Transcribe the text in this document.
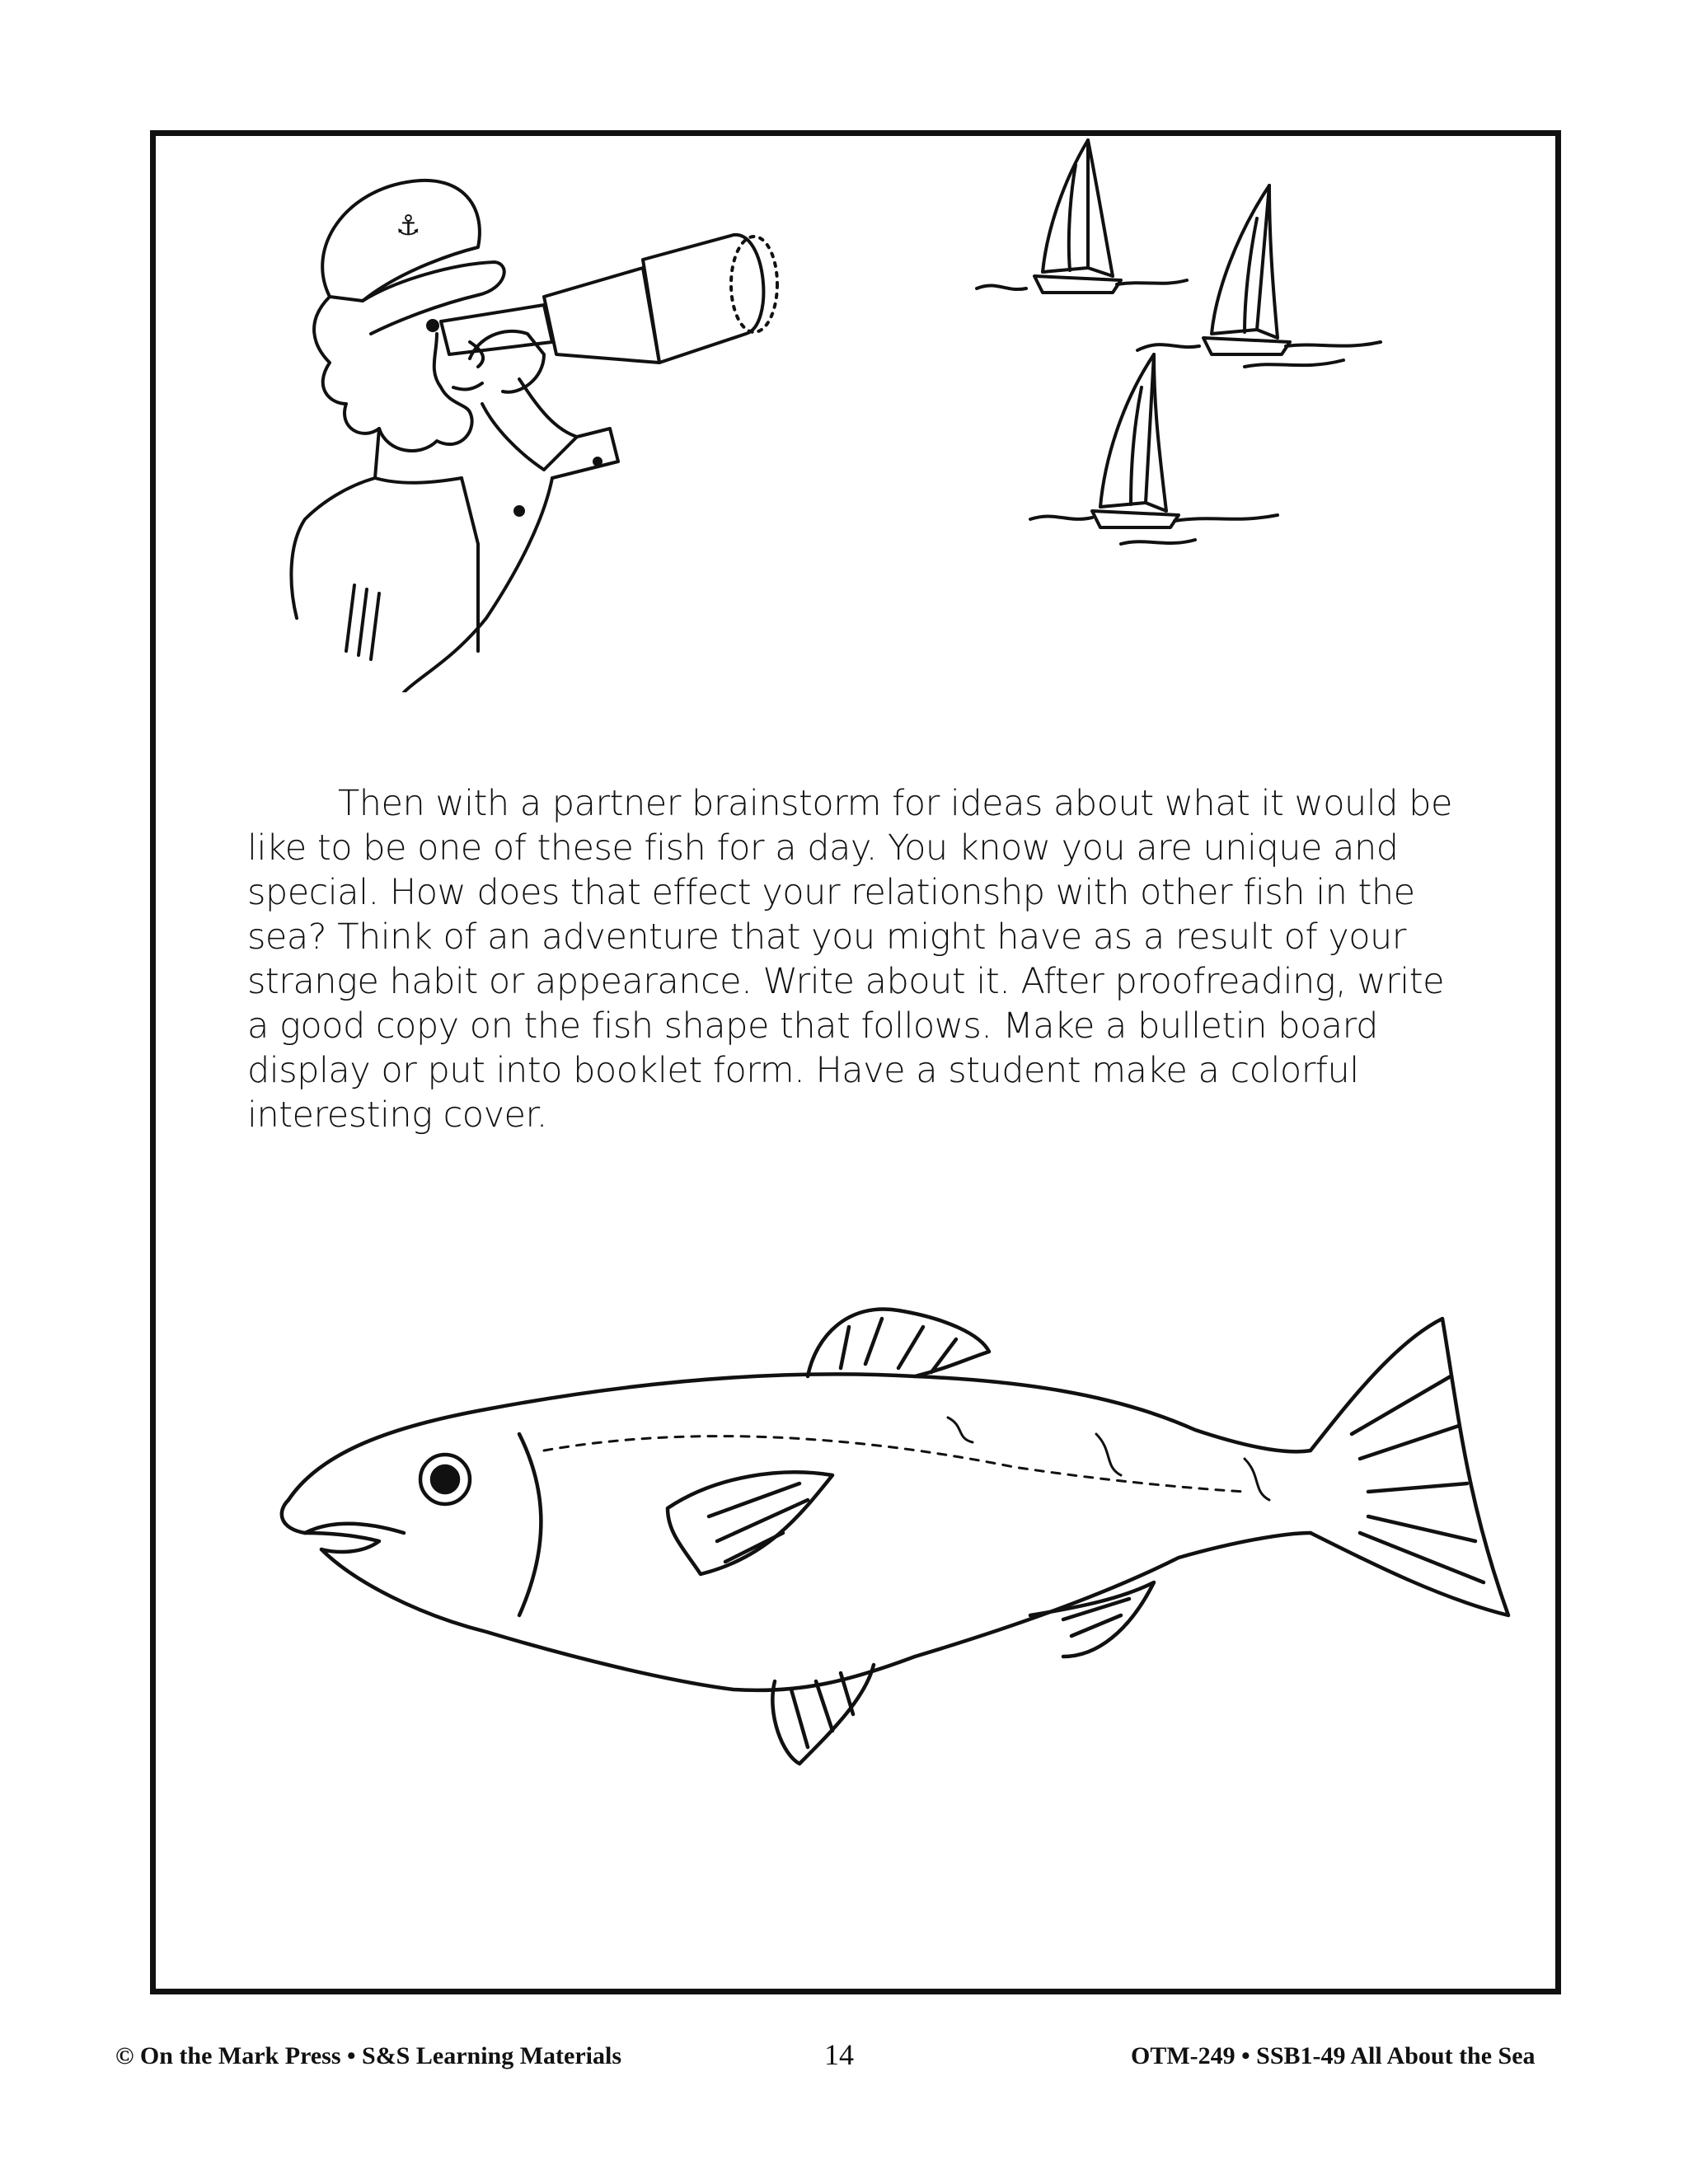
⚓
Then with a partner brainstorm for ideas about what it would be like to be one of these fish for a day. You know you are unique and special. How does that effect your relationshp with other fish in the sea? Think of an adventure that you might have as a result of your strange habit or appearance. Write about it. After proofreading, write a good copy on the fish shape that follows. Make a bulletin board display or put into booklet form. Have a student make a colorful interesting cover.
© On the Mark Press • S&S Learning Materials	14	OTM-249 • SSB1-49 All About the Sea
